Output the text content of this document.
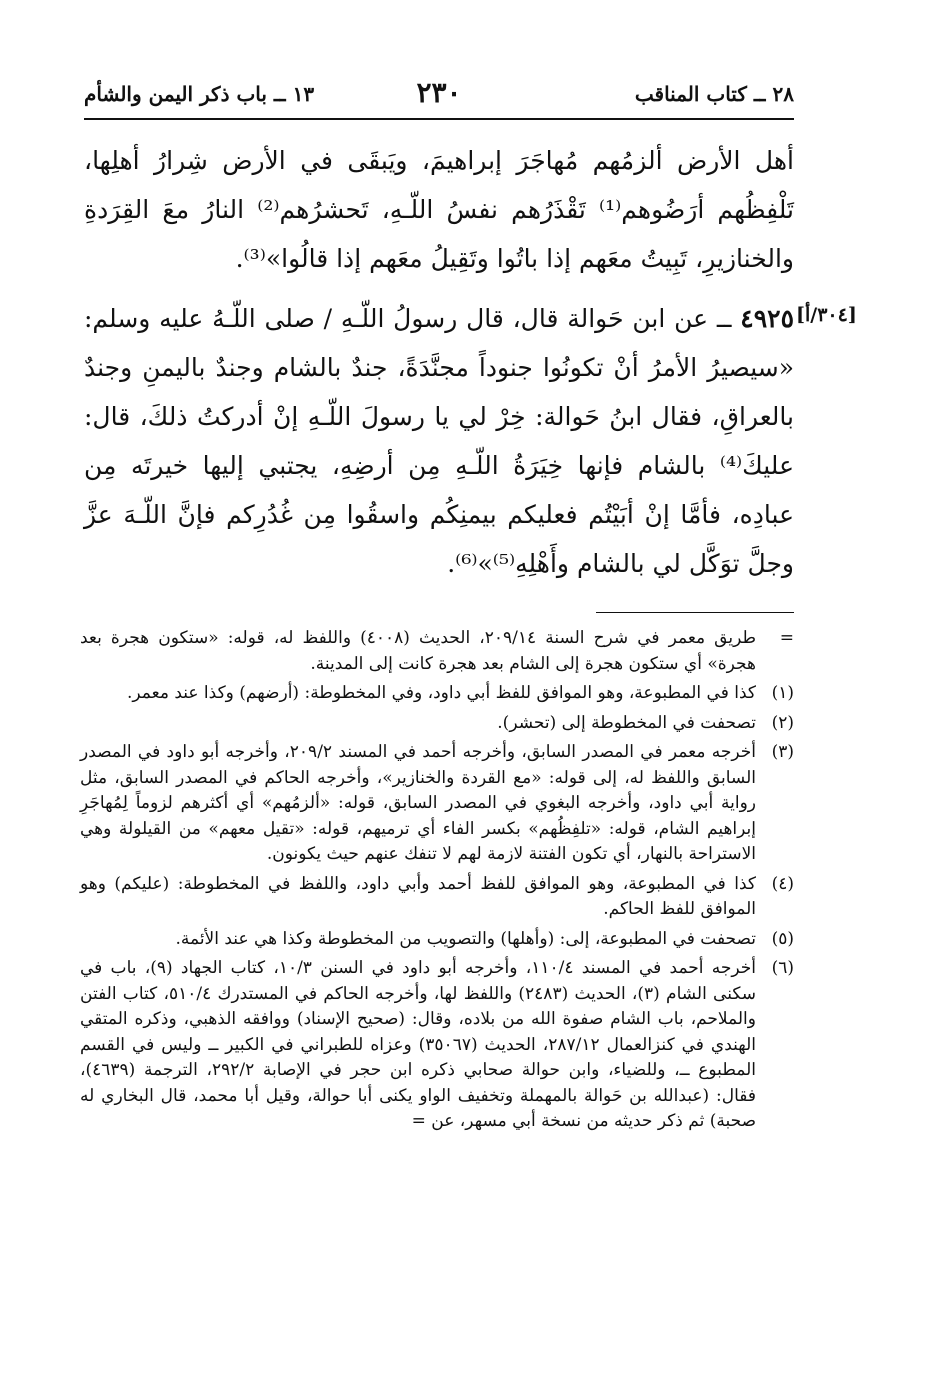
٢٨ ــ كتاب المناقب
٢٣٠
١٣ ــ باب ذكر اليمن والشأم
أهل الأرض ألزمُهم مُهاجَرَ إبراهيمَ، ويَبقَى في الأرض شِرارُ أهلِها، تَلْفِظُهم أرَضُوهم⁽¹⁾ تَقْذَرُهم نفسُ اللّـهِ، تَحشرُهم⁽²⁾ النارُ معَ القِرَدةِ والخنازيرِ، تَبِيتُ معَهم إذا باتُوا وتَقِيلُ معَهم إذا قالُوا»⁽³⁾.
[٣٠٤/أ]
٤٩٢٥ ــ عن ابن حَوالة قال، قال رسولُ اللّـهِ / صلى اللّـهُ عليه وسلم: «سيصيرُ الأمرُ أنْ تكونُوا جنوداً مجنَّدَةً، جندٌ بالشام وجندٌ باليمنِ وجندٌ بالعراقِ، فقال ابنُ حَوالة: خِرْ لي يا رسولَ اللّـهِ إنْ أدركتُ ذلكَ، قال: عليكَ⁽⁴⁾ بالشام فإنها خِيَرَةُ اللّـهِ مِن أرضِهِ، يجتبي إليها خيرتَه مِن عبادِه، فأمَّا إنْ أبَيْتُم فعليكم بيمنِكُم واسقُوا مِن غُدُرِكم فإنَّ اللّـهَ عزَّ وجلَّ توَكَّل لي بالشام وأَهْلِهِ⁽⁵⁾»⁽⁶⁾.
=
طريق معمر في شرح السنة ٢٠٩/١٤، الحديث (٤٠٠٨) واللفظ له، قوله: «ستكون هجرة بعد هجرة» أي ستكون هجرة إلى الشام بعد هجرة كانت إلى المدينة.
(١)
كذا في المطبوعة، وهو الموافق للفظ أبي داود، وفي المخطوطة: (أرضهم) وكذا عند معمر.
(٢)
تصحفت في المخطوطة إلى (تحشر).
(٣)
أخرجه معمر في المصدر السابق، وأخرجه أحمد في المسند ٢٠٩/٢، وأخرجه أبو داود في المصدر السابق واللفظ له، إلى قوله: «مع القردة والخنازير»، وأخرجه الحاكم في المصدر السابق، مثل رواية أبي داود، وأخرجه البغوي في المصدر السابق، قوله: «ألزمُهم» أي أكثرهم لزوماً لِمُهاجَرِ إبراهيم الشام، قوله: «تلفِظُهم» بكسر الفاء أي ترميهم، قوله: «تقيل معهم» من القيلولة وهي الاستراحة بالنهار، أي تكون الفتنة لازمة لهم لا تنفك عنهم حيث يكونون.
(٤)
كذا في المطبوعة، وهو الموافق للفظ أحمد وأبي داود، واللفظ في المخطوطة: (عليكم) وهو الموافق للفظ الحاكم.
(٥)
تصحفت في المطبوعة، إلى: (وأهلها) والتصويب من المخطوطة وكذا هي عند الأئمة.
(٦)
أخرجه أحمد في المسند ١١٠/٤، وأخرجه أبو داود في السنن ١٠/٣، كتاب الجهاد (٩)، باب في سكنى الشام (٣)، الحديث (٢٤٨٣) واللفظ لها، وأخرجه الحاكم في المستدرك ٥١٠/٤، كتاب الفتن والملاحم، باب الشام صفوة الله من بلاده، وقال: (صحيح الإسناد) ووافقه الذهبي، وذكره المتقي الهندي في كنزالعمال ٢٨٧/١٢، الحديث (٣٥٠٦٧) وعزاه للطبراني في الكبير ــ وليس في القسم المطبوع ــ، وللضياء، وابن حوالة صحابي ذكره ابن حجر في الإصابة ٢٩٢/٢، الترجمة (٤٦٣٩)، فقال: (عبدالله بن حَوالة بالمهملة وتخفيف الواو يكنى أبا حوالة، وقيل أبا محمد، قال البخاري له صحبة) ثم ذكر حديثه من نسخة أبي مسهر، عن =
